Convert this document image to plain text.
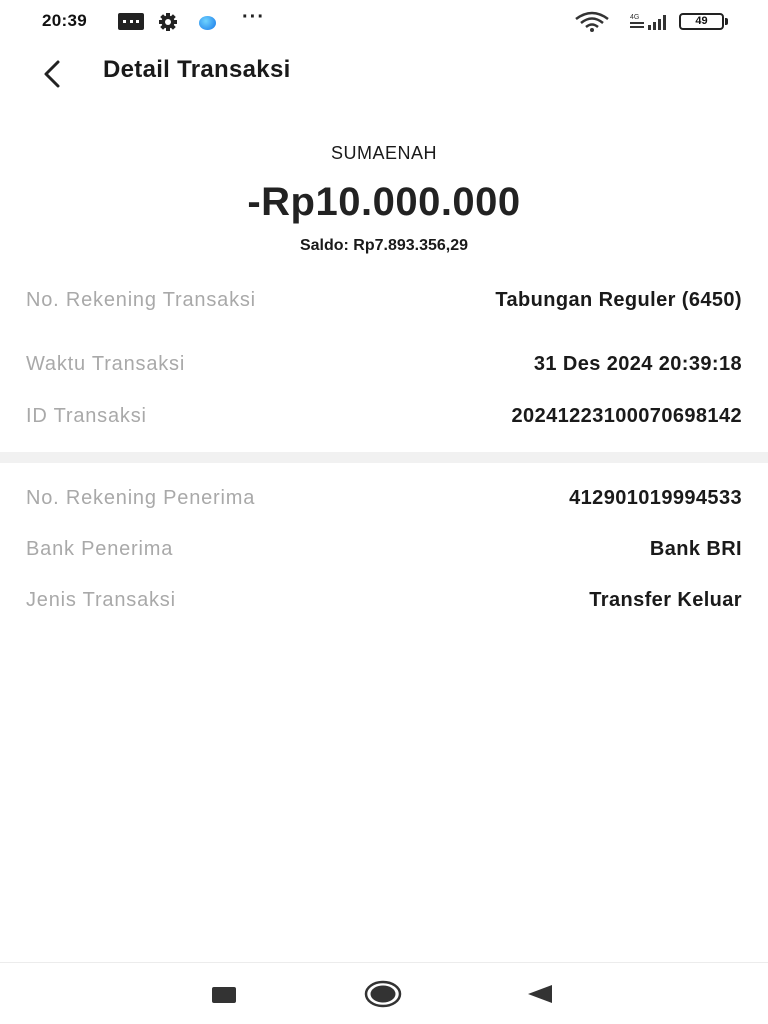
20:39	···	4G	49
Detail Transaksi
SUMAENAH
-Rp10.000.000
Saldo: Rp7.893.356,29
No. Rekening Transaksi	Tabungan Reguler (6450)
Waktu Transaksi	31 Des 2024 20:39:18
ID Transaksi	20241223100070698142
No. Rekening Penerima	412901019994533
Bank Penerima	Bank BRI
Jenis Transaksi	Transfer Keluar
